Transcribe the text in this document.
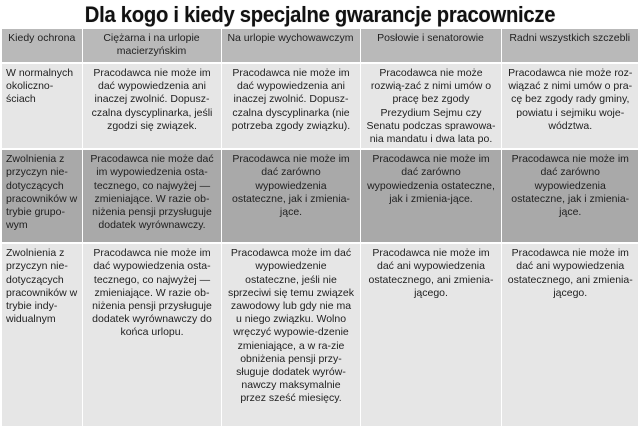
Dla kogo i kiedy specjalne gwarancje pracownicze
Kiedy ochrona	Ciężarna i na urlopie macierzyńskim	Na urlopie wychowawczym	Posłowie i senatorowie	Radni wszystkich szczebli

W normalnych okoliczno-ściach	Pracodawca nie może im dać wypowiedzenia ani inaczej zwolnić. Dopusz-czalna dyscyplinarka, jeśli zgodzi się związek.	Pracodawca nie może im dać wypowiedzenia ani inaczej zwolnić. Dopusz-czalna dyscyplinarka (nie potrzeba zgody związku).	Pracodawca nie może rozwią-zać z nimi umów o pracę bez zgody Prezydium Sejmu czy Senatu podczas sprawowa-nia mandatu i dwa lata po.	Pracodawca nie może roz-wiązać z nimi umów o pra-cę bez zgody rady gminy, powiatu i sejmiku woje-wództwa.

Zwolnienia z przyczyn nie-dotyczących pracowników w trybie grupo-wym	Pracodawca nie może dać im wypowiedzenia osta-tecznego, co najwyżej — zmieniające. W razie ob-niżenia pensji przysługuje dodatek wyrównawczy.	Pracodawca nie może im dać zarówno wypowiedzenia ostateczne, jak i zmienia-jące.	Pracodawca nie może im dać zarówno wypowiedzenia ostateczne, jak i zmienia-jące.	Pracodawca nie może im dać zarówno wypowiedzenia ostateczne, jak i zmienia-jące.

Zwolnienia z przyczyn nie-dotyczących pracowników w trybie indy-widualnym	Pracodawca nie może im dać wypowiedzenia osta-tecznego, co najwyżej — zmieniające. W razie ob-niżenia pensji przysługuje dodatek wyrównawczy do końca urlopu.	Pracodawca może im dać wypowiedzenie ostateczne, jeśli nie sprzeciwi się temu związek zawodowy lub gdy nie ma u niego związku. Wolno wręczyć wypowie-dzenie zmieniające, a w ra-zie obniżenia pensji przy-sługuje dodatek wyrów-nawczy maksymalnie przez sześć miesięcy.	Pracodawca nie może im dać ani wypowiedzenia ostatecznego, ani zmienia-jącego.	Pracodawca nie może im dać ani wypowiedzenia ostatecznego, ani zmienia-jącego.
